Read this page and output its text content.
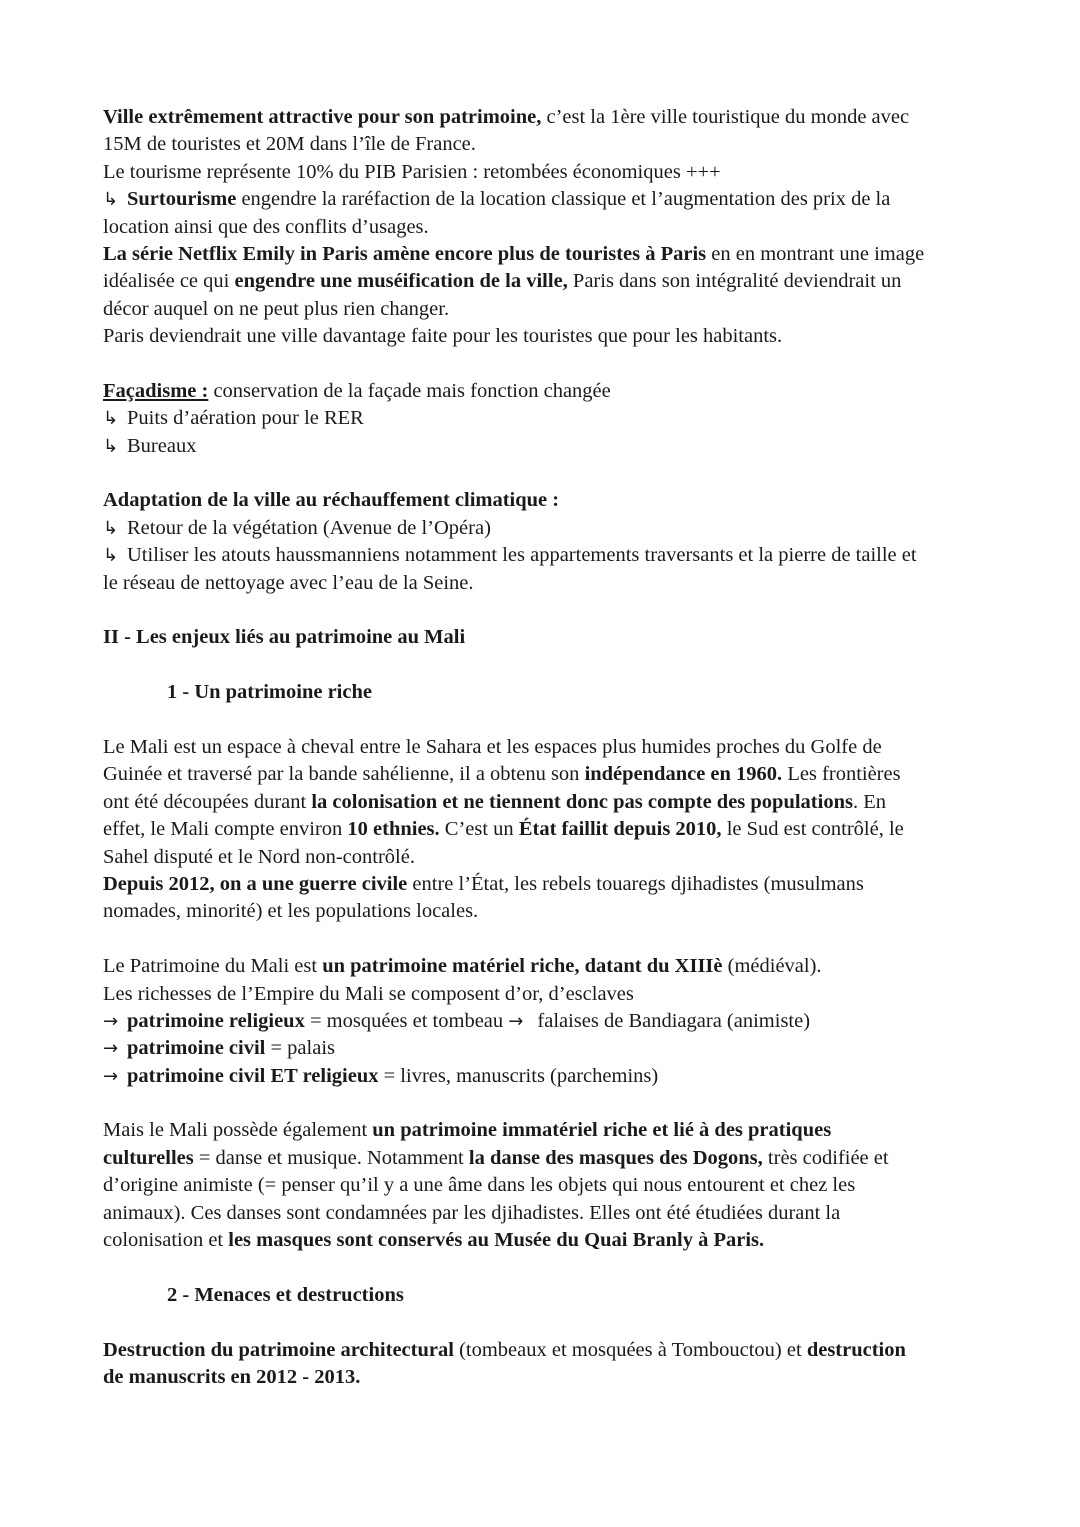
Ville extrêmement attractive pour son patrimoine, c’est la 1ère ville touristique du monde avec
15M de touristes et 20M dans l’île de France.
Le tourisme représente 10% du PIB Parisien : retombées économiques +++
↳ Surtourisme engendre la raréfaction de la location classique et l’augmentation des prix de la
location ainsi que des conflits d’usages.
La série Netflix Emily in Paris amène encore plus de touristes à Paris en en montrant une image
idéalisée ce qui engendre une muséification de la ville, Paris dans son intégralité deviendrait un
décor auquel on ne peut plus rien changer.
Paris deviendrait une ville davantage faite pour les touristes que pour les habitants.
Façadisme : conservation de la façade mais fonction changée
↳ Puits d’aération pour le RER
↳ Bureaux
Adaptation de la ville au réchauffement climatique :
↳ Retour de la végétation (Avenue de l’Opéra)
↳ Utiliser les atouts haussmanniens notamment les appartements traversants et la pierre de taille et
le réseau de nettoyage avec l’eau de la Seine.
II - Les enjeux liés au patrimoine au Mali
1 - Un patrimoine riche
Le Mali est un espace à cheval entre le Sahara et les espaces plus humides proches du Golfe de
Guinée et traversé par la bande sahélienne, il a obtenu son indépendance en 1960. Les frontières
ont été découpées durant la colonisation et ne tiennent donc pas compte des populations. En
effet, le Mali compte environ 10 ethnies. C’est un État faillit depuis 2010, le Sud est contrôlé, le
Sahel disputé et le Nord non-contrôlé.
Depuis 2012, on a une guerre civile entre l’État, les rebels touaregs djihadistes (musulmans
nomades, minorité) et les populations locales.
Le Patrimoine du Mali est un patrimoine matériel riche, datant du XIIIè (médiéval).
Les richesses de l’Empire du Mali se composent d’or, d’esclaves
→ patrimoine religieux = mosquées et tombeau → falaises de Bandiagara (animiste)
→ patrimoine civil = palais
→ patrimoine civil ET religieux = livres, manuscrits (parchemins)
Mais le Mali possède également un patrimoine immatériel riche et lié à des pratiques
culturelles = danse et musique. Notamment la danse des masques des Dogons, très codifiée et
d’origine animiste (= penser qu’il y a une âme dans les objets qui nous entourent et chez les
animaux). Ces danses sont condamnées par les djihadistes. Elles ont été étudiées durant la
colonisation et les masques sont conservés au Musée du Quai Branly à Paris.
2 - Menaces et destructions
Destruction du patrimoine architectural (tombeaux et mosquées à Tombouctou) et destruction
de manuscrits en 2012 - 2013.
